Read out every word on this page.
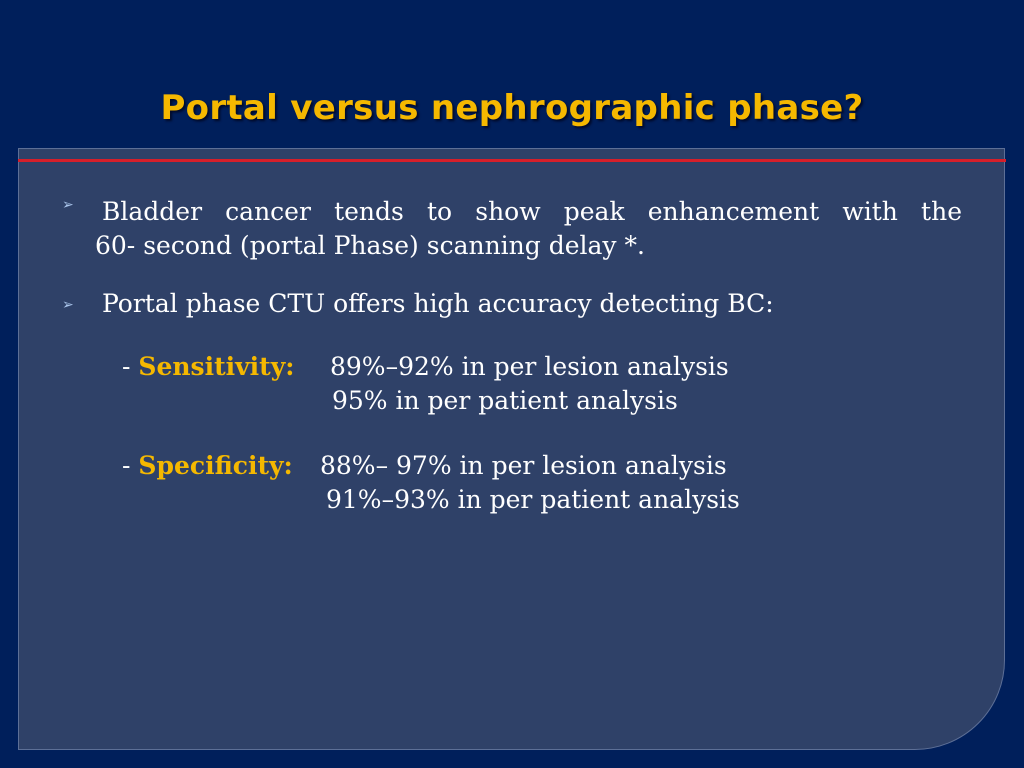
Portal versus nephrographic phase?
➢ Bladder cancer tends to show peak enhancement with the
60- second (portal Phase) scanning delay *.
➢ Portal phase CTU offers high accuracy detecting BC:
- Sensitivity: 89%–92% in per lesion analysis
95% in per patient analysis
- Specificity: 88%– 97% in per lesion analysis
91%–93% in per patient analysis
